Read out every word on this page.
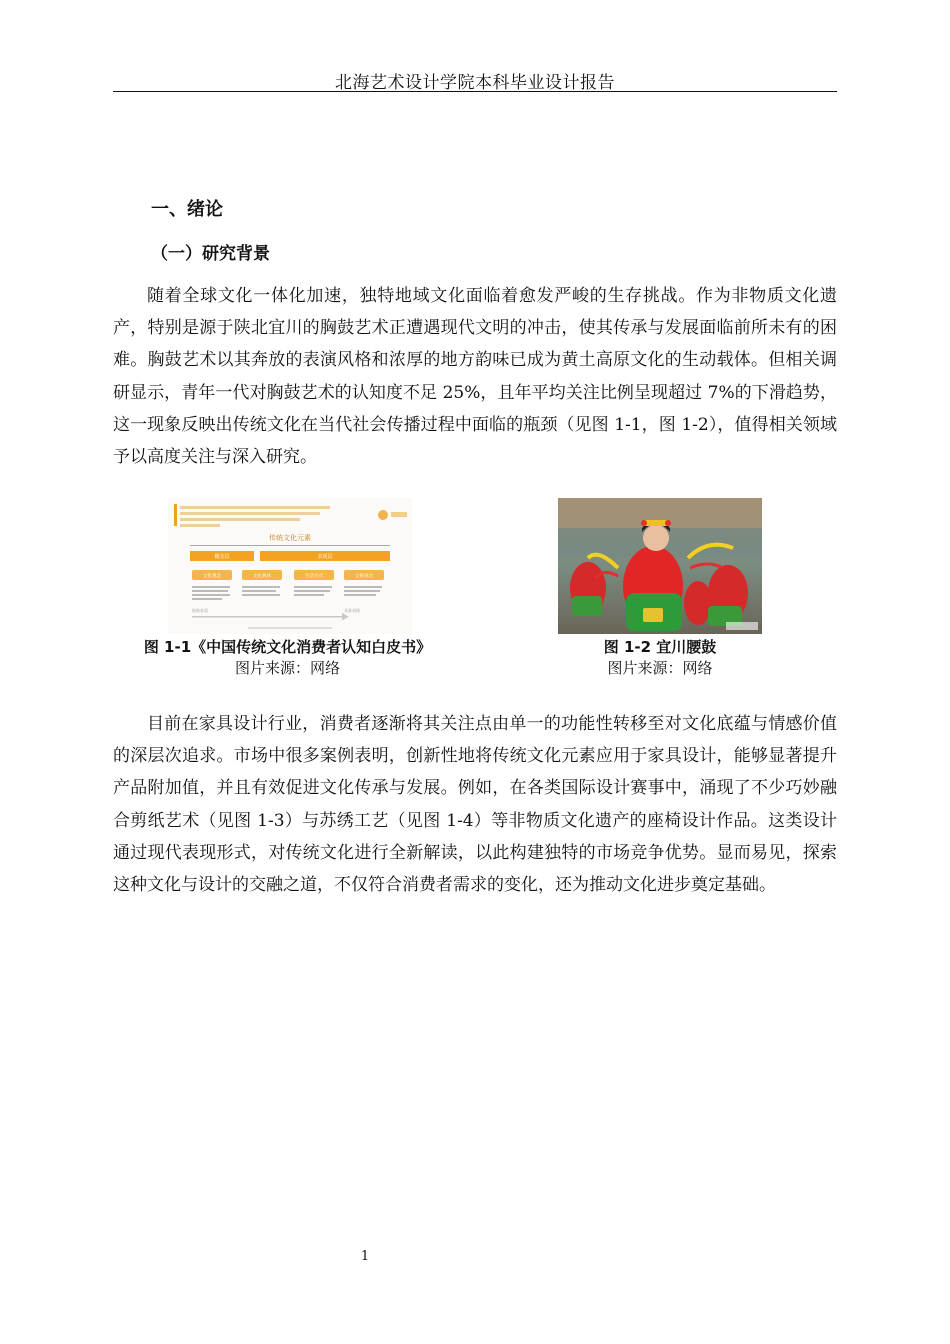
北海艺术设计学院本科毕业设计报告
一、绪论
（一）研究背景

随着全球文化一体化加速，独特地域文化面临着愈发严峻的生存挑战。作为非物质文化遗产，特别是源于陕北宜川的胸鼓艺术正遭遇现代文明的冲击，使其传承与发展面临前所未有的困难。胸鼓艺术以其奔放的表演风格和浓厚的地方韵味已成为黄土高原文化的生动载体。但相关调研显示，青年一代对胸鼓艺术的认知度不足 25%，且年平均关注比例呈现超过 7%的下滑趋势，这一现象反映出传统文化在当代社会传播过程中面临的瓶颈（见图 1-1，图 1-2），值得相关领域予以高度关注与深入研究。

传统文化元素
概念层	表现层
文化观念	文化载体	生活方式	文娱表达
抽象本质	具象表现
图 1-1《中国传统文化消费者认知白皮书》
图片来源：网络
图 1-2 宜川腰鼓
图片来源：网络

目前在家具设计行业，消费者逐渐将其关注点由单一的功能性转移至对文化底蕴与情感价值的深层次追求。市场中很多案例表明，创新性地将传统文化元素应用于家具设计，能够显著提升产品附加值，并且有效促进文化传承与发展。例如，在各类国际设计赛事中，涌现了不少巧妙融合剪纸艺术（见图 1-3）与苏绣工艺（见图 1-4）等非物质文化遗产的座椅设计作品。这类设计通过现代表现形式，对传统文化进行全新解读，以此构建独特的市场竞争优势。显而易见，探索这种文化与设计的交融之道，不仅符合消费者需求的变化，还为推动文化进步奠定基础。

1
